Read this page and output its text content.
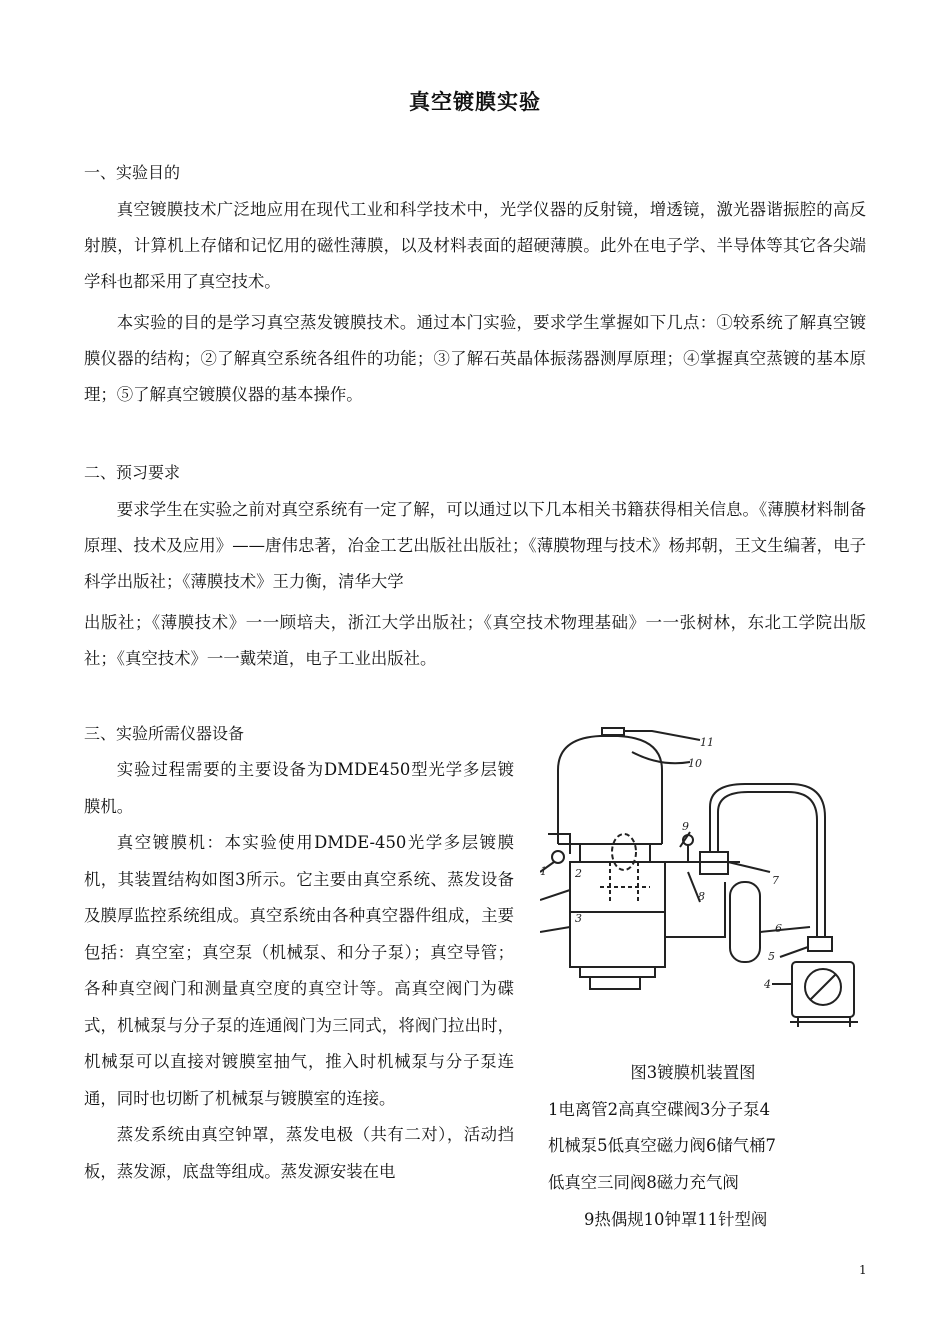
真空镀膜实验
一、实验目的

真空镀膜技术广泛地应用在现代工业和科学技术中，光学仪器的反射镜，增透镜，激光器谐振腔的高反射膜，计算机上存储和记忆用的磁性薄膜，以及材料表面的超硬薄膜。此外在电子学、半导体等其它各尖端学科也都采用了真空技术。

本实验的目的是学习真空蒸发镀膜技术。通过本门实验，要求学生掌握如下几点：①较系统了解真空镀膜仪器的结构；②了解真空系统各组件的功能；③了解石英晶体振荡器测厚原理；④掌握真空蒸镀的基本原理；⑤了解真空镀膜仪器的基本操作。

二、预习要求

要求学生在实验之前对真空系统有一定了解，可以通过以下几本相关书籍获得相关信息。《薄膜材料制备原理、技术及应用》——唐伟忠著，冶金工艺出版社出版社；《薄膜物理与技术》杨邦朝，王文生编著，电子科学出版社；《薄膜技术》王力衡，清华大学

出版社；《薄膜技术》一一顾培夫，浙江大学出版社；《真空技术物理基础》一一张树林，东北工学院出版社；《真空技术》一一戴荣道，电子工业出版社。

三、实验所需仪器设备

实验过程需要的主要设备为DMDE450型光学多层镀膜机。

真空镀膜机：本实验使用DMDE-450光学多层镀膜机，其装置结构如图3所示。它主要由真空系统、蒸发设备及膜厚监控系统组成。真空系统由各种真空器件组成，主要包括：真空室；真空泵（机械泵、和分子泵）；真空导管；各种真空阀门和测量真空度的真空计等。高真空阀门为碟式，机械泵与分子泵的连通阀门为三同式，将阀门拉出时，机械泵可以直接对镀膜室抽气，推入时机械泵与分子泵连通，同时也切断了机械泵与镀膜室的连接。

蒸发系统由真空钟罩，蒸发电极（共有二对），活动挡板，蒸发源，底盘等组成。蒸发源安装在电

11
10
1	2
3
9
8
7
6
5
4
图3镀膜机装置图
1电离管2高真空碟阀3分子泵4
机械泵5低真空磁力阀6储气桶7
低真空三同阀8磁力充气阀
9热偶规10钟罩11针型阀
1
